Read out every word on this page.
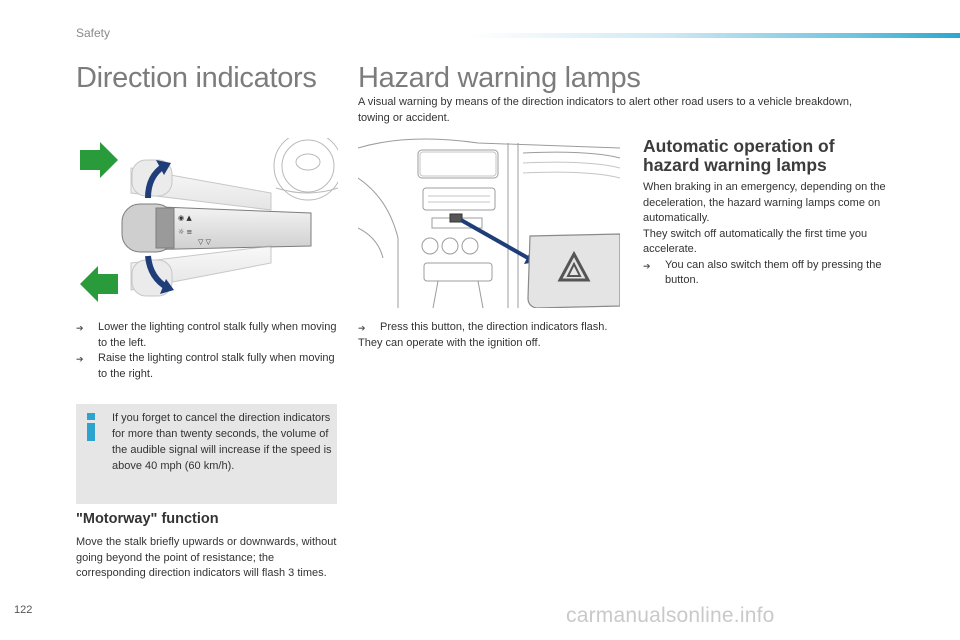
Safety
Direction indicators Hazard warning lamps
A visual warning by means of the direction indicators to alert other road users to a vehicle breakdown, towing or accident.
◉ ▲
☼ ≡
▽ ▽
Automatic operation of hazard warning lamps
When braking in an emergency, depending on the deceleration, the hazard warning lamps come on automatically.
They switch off automatically the first time you accelerate.
➔ You can also switch them off by pressing the button.
➔ Lower the lighting control stalk fully when moving to the left.
➔ Raise the lighting control stalk fully when moving to the right.
➔ Press this button, the direction indicators flash.
They can operate with the ignition off.
If you forget to cancel the direction indicators for more than twenty seconds, the volume of the audible signal will increase if the speed is above 40 mph (60 km/h).
"Motorway" function
Move the stalk briefly upwards or downwards, without going beyond the point of resistance; the corresponding direction indicators will flash 3 times.
122	carmanualsonline.info
